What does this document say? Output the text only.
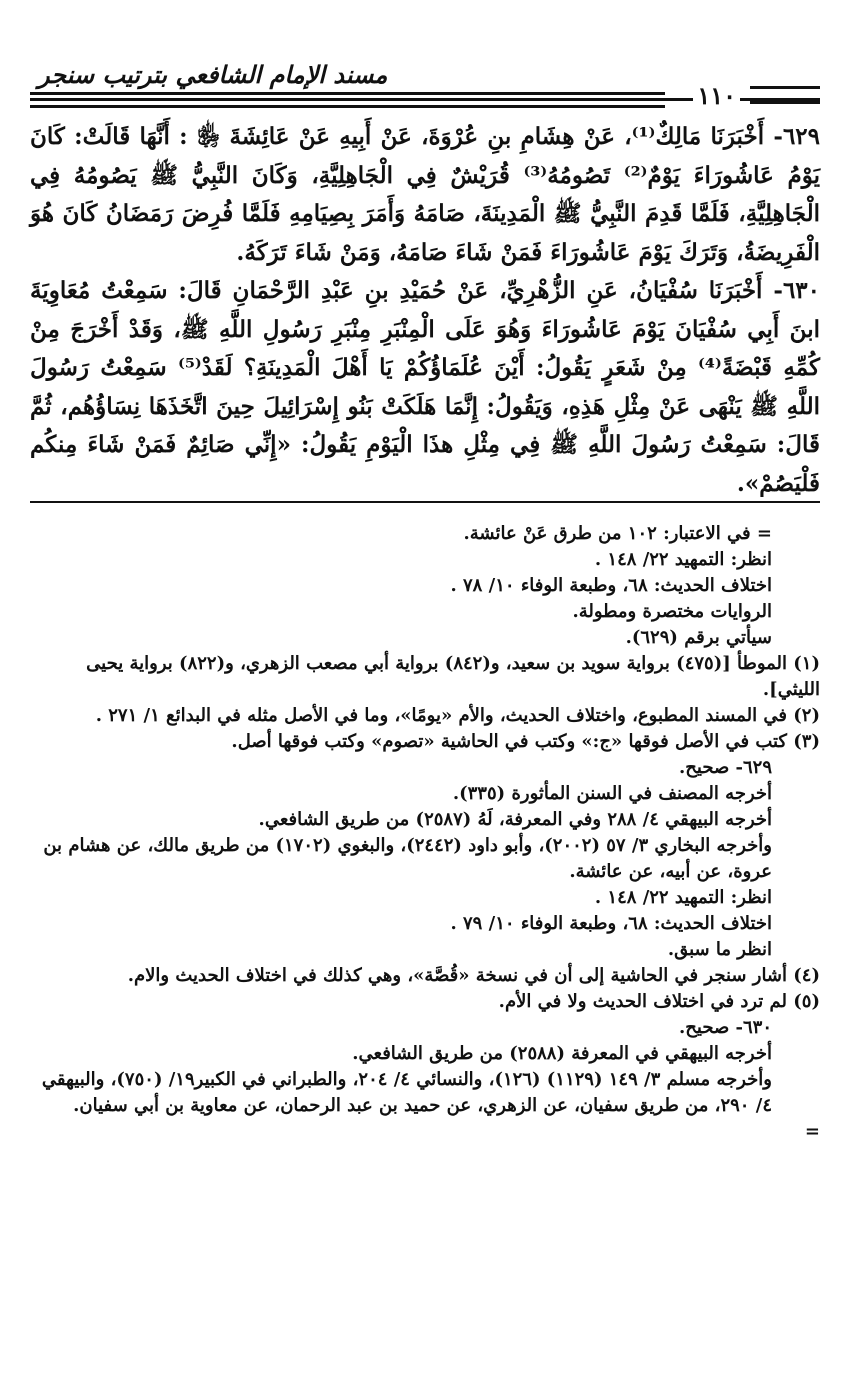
مسند الإمام الشافعي بترتيب سنجر
١١٠

٦٢٩- أَخْبَرَنَا مَالِكٌ⁽¹⁾، عَنْ هِشَامِ بنِ عُرْوَةَ، عَنْ أَبِيهِ عَنْ عَائِشَةَ ﵂ : أَنَّهَا قَالَتْ: كَانَ يَوْمُ عَاشُورَاءَ يَوْمٌ⁽²⁾ تَصُومُهُ⁽³⁾ قُرَيْشٌ فِي الْجَاهِلِيَّةِ، وَكَانَ النَّبِيُّ ﷺ يَصُومُهُ فِي الْجَاهِلِيَّةِ، فَلَمَّا قَدِمَ النَّبِيُّ ﷺ الْمَدِينَةَ، صَامَهُ وَأَمَرَ بِصِيَامِهِ فَلَمَّا فُرِضَ رَمَضَانُ كَانَ هُوَ الْفَرِيضَةُ، وَتَرَكَ يَوْمَ عَاشُورَاءَ فَمَنْ شَاءَ صَامَهُ، وَمَنْ شَاءَ تَرَكَهُ.

٦٣٠- أَخْبَرَنَا سُفْيَانُ، عَنِ الزُّهْرِيِّ، عَنْ حُمَيْدِ بنِ عَبْدِ الرَّحْمَانِ قَالَ: سَمِعْتُ مُعَاوِيَةَ ابنَ أَبِي سُفْيَانَ يَوْمَ عَاشُورَاءَ وَهُوَ عَلَى الْمِنْبَرِ مِنْبَرِ رَسُولِ اللَّهِ ﷺ، وَقَدْ أَخْرَجَ مِنْ كُمِّهِ قَبْضَةً⁽⁴⁾ مِنْ شَعَرٍ يَقُولُ: أَيْنَ عُلَمَاؤُكُمْ يَا أَهْلَ الْمَدِينَةِ؟ لَقَدْ⁽⁵⁾ سَمِعْتُ رَسُولَ اللَّهِ ﷺ يَنْهَى عَنْ مِثْلِ هَذِهِ، وَيَقُولُ: إِنَّمَا هَلَكَتْ بَنُو إِسْرَائِيلَ حِينَ اتَّخَذَهَا نِسَاؤُهُم، ثُمَّ قَالَ: سَمِعْتُ رَسُولَ اللَّهِ ﷺ فِي مِثْلِ هذَا الْيَوْمِ يَقُولُ: «إِنِّي صَائِمٌ فَمَنْ شَاءَ مِنكُم فَلْيَصُمْ».

= في الاعتبار: ١٠٢ من طرق عَنْ عائشة.
انظر: التمهيد ٢٢/ ١٤٨ .
اختلاف الحديث: ٦٨، وطبعة الوفاء ١٠/ ٧٨ .
الروايات مختصرة ومطولة.
سيأتي برقم (٦٢٩).
(١) الموطأ [(٤٧٥) برواية سويد بن سعيد، و(٨٤٢) برواية أبي مصعب الزهري، و(٨٢٢) برواية يحيى الليثي].
(٢) في المسند المطبوع، واختلاف الحديث، والأم «يومًا»، وما في الأصل مثله في البدائع ١/ ٢٧١ .
(٣) كتب في الأصل فوقها «ج:» وكتب في الحاشية «تصوم» وكتب فوقها أصل.
٦٢٩- صحيح.
أخرجه المصنف في السنن المأثورة (٣٣٥).
أخرجه البيهقي ٤/ ٢٨٨ وفي المعرفة، لَهُ (٢٥٨٧) من طريق الشافعي.
وأخرجه البخاري ٣/ ٥٧ (٢٠٠٢)، وأبو داود (٢٤٤٢)، والبغوي (١٧٠٢) من طريق مالك، عن هشام بن عروة، عن أبيه، عن عائشة.
انظر: التمهيد ٢٢/ ١٤٨ .
اختلاف الحديث: ٦٨، وطبعة الوفاء ١٠/ ٧٩ .
انظر ما سبق.
(٤) أشار سنجر في الحاشية إلى أن في نسخة «قُصَّة»، وهي كذلك في اختلاف الحديث والام.
(٥) لم ترد في اختلاف الحديث ولا في الأم.
٦٣٠- صحيح.
أخرجه البيهقي في المعرفة (٢٥٨٨) من طريق الشافعي.
وأخرجه مسلم ٣/ ١٤٩ (١١٢٩) (١٢٦)، والنسائي ٤/ ٢٠٤، والطبراني في الكبير١٩/ (٧٥٠)، والبيهقي ٤/ ٢٩٠، من طريق سفيان، عن الزهري، عن حميد بن عبد الرحمان، عن معاوية بن أبي سفيان.
=
